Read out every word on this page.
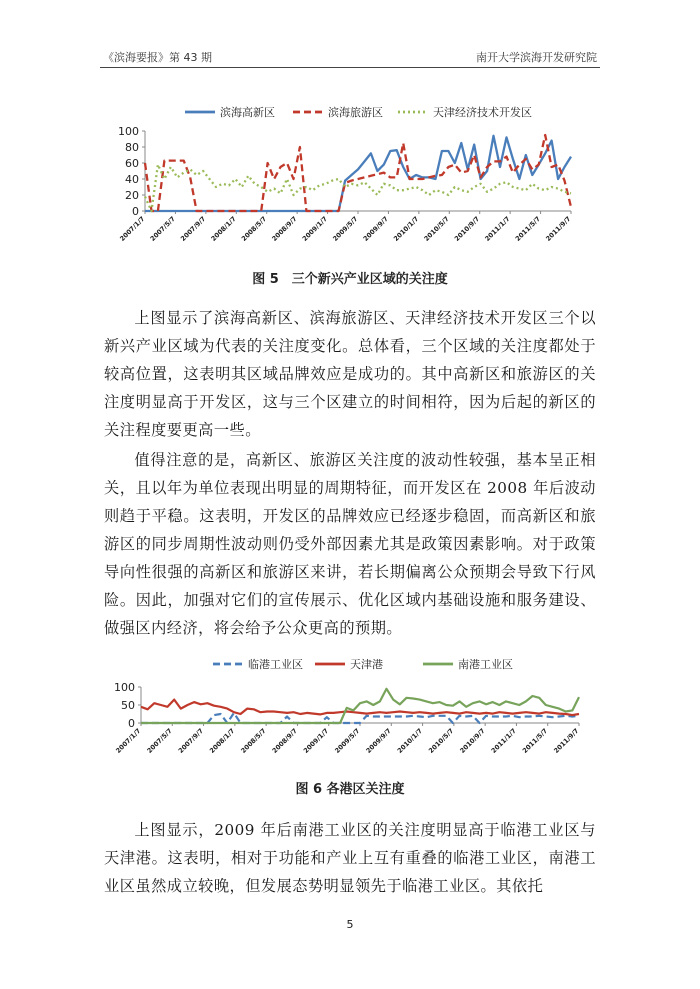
《滨海要报》第 43 期	南开大学滨海开发研究院
0
20
40
60
80
100
2007/1/7 2007/5/7 2007/9/7 2008/1/7 2008/5/7 2008/9/7 2009/1/7 2009/5/7 2009/9/7 2010/1/7 2010/5/7 2010/9/7 2011/1/7 2011/5/7 2011/9/7
滨海高新区	滨海旅游区	天津经济技术开发区
图 5　三个新兴产业区域的关注度

上图显示了滨海高新区、滨海旅游区、天津经济技术开发区三个以新兴产业区域为代表的关注度变化。总体看，三个区域的关注度都处于较高位置，这表明其区域品牌效应是成功的。其中高新区和旅游区的关注度明显高于开发区，这与三个区建立的时间相符，因为后起的新区的关注程度要更高一些。

值得注意的是，高新区、旅游区关注度的波动性较强，基本呈正相关，且以年为单位表现出明显的周期特征，而开发区在 2008 年后波动则趋于平稳。这表明，开发区的品牌效应已经逐步稳固，而高新区和旅游区的同步周期性波动则仍受外部因素尤其是政策因素影响。对于政策导向性很强的高新区和旅游区来讲，若长期偏离公众预期会导致下行风险。因此，加强对它们的宣传展示、优化区域内基础设施和服务建设、做强区内经济，将会给予公众更高的预期。

0
50
100
2007/1/7 2007/5/7 2007/9/7 2008/1/7 2008/5/7 2008/9/7 2009/1/7 2009/5/7 2009/9/7 2010/1/7 2010/5/7 2010/9/7 2011/1/7 2011/5/7 2011/9/7
临港工业区	天津港	南港工业区
图 6 各港区关注度

上图显示，2009 年后南港工业区的关注度明显高于临港工业区与天津港。这表明，相对于功能和产业上互有重叠的临港工业区，南港工业区虽然成立较晚，但发展态势明显领先于临港工业区。其依托

5
